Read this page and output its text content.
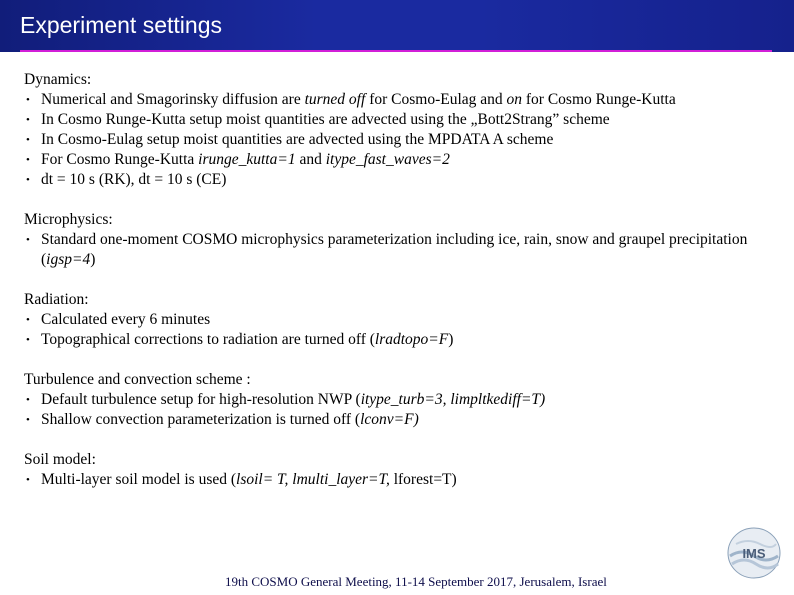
Experiment settings
Dynamics:
• Numerical and Smagorinsky diffusion are turned off for Cosmo-Eulag and on for Cosmo Runge-Kutta
• In Cosmo Runge-Kutta setup moist quantities are advected using the „Bott2Strang” scheme
• In Cosmo-Eulag setup moist quantities are advected using the MPDATA A scheme
• For Cosmo Runge-Kutta irunge_kutta=1 and itype_fast_waves=2
• dt = 10 s (RK), dt = 10 s (CE)
Microphysics:
• Standard one-moment COSMO microphysics parameterization including ice, rain, snow and graupel precipitation (igsp=4)
Radiation:
• Calculated every 6 minutes
• Topographical corrections to radiation are turned off (lradtopo=F)
Turbulence and convection scheme :
• Default turbulence setup for high-resolution NWP (itype_turb=3, limpltkediff=T)
• Shallow convection parameterization is turned off (lconv=F)
Soil model:
• Multi-layer soil model is used (lsoil= T, lmulti_layer=T, lforest=T)
IMS
19th COSMO General Meeting, 11-14 September 2017, Jerusalem, Israel
